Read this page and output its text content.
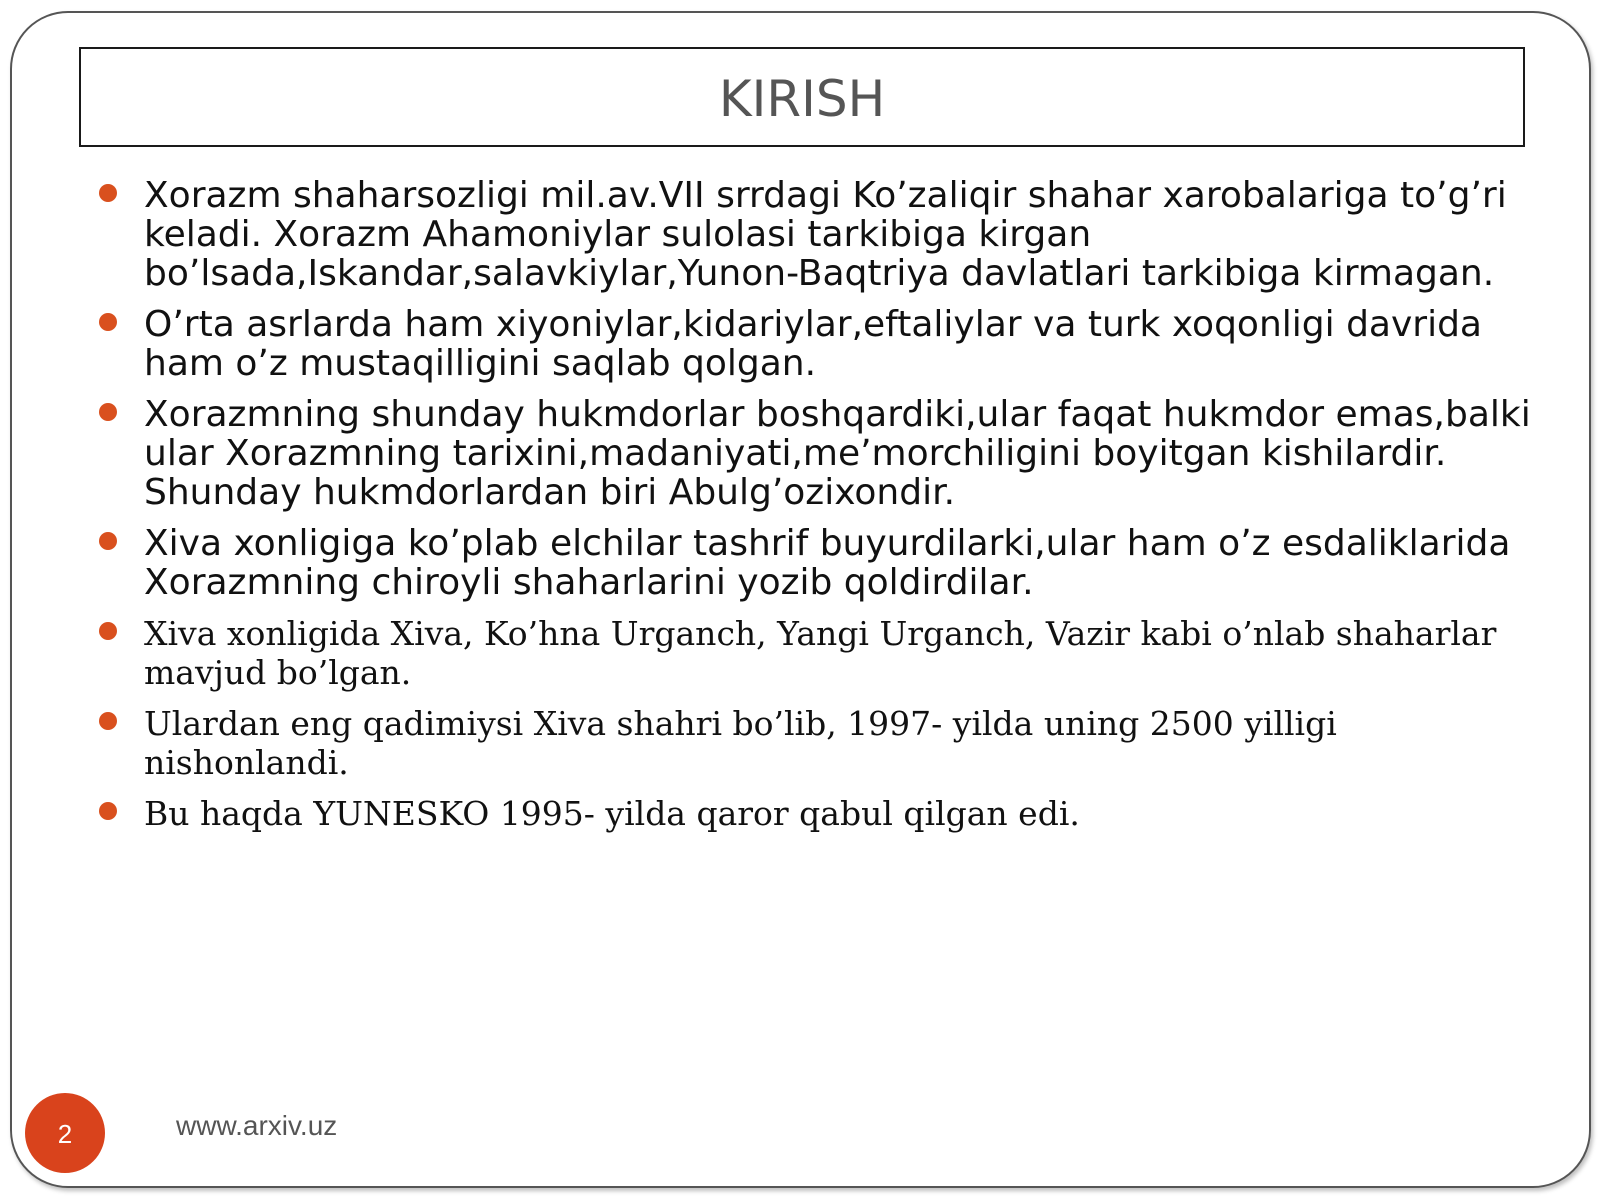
KIRISH
Xorazm shaharsozligi mil.av.VII srrdagi Ko’zaliqir shahar xarobalariga to’g’ri keladi. Xorazm Ahamoniylar sulolasi tarkibiga kirgan bo’lsada,Iskandar,salavkiylar,Yunon-Baqtriya davlatlari tarkibiga kirmagan.
O’rta asrlarda ham xiyoniylar,kidariylar,eftaliylar va turk xoqonligi davrida ham o’z mustaqilligini saqlab qolgan.
Xorazmning shunday hukmdorlar boshqardiki,ular faqat hukmdor emas,balki ular Xorazmning tarixini,madaniyati,me’morchiligini boyitgan kishilardir. Shunday hukmdorlardan biri Abulg’ozixondir.
Xiva xonligiga ko’plab elchilar tashrif buyurdilarki,ular ham o’z esdaliklarida Xorazmning chiroyli shaharlarini yozib qoldirdilar.
Xiva xonligida Xiva, Ko’hna Urganch, Yangi Urganch, Vazir kabi o’nlab shaharlar mavjud bo’lgan.
Ulardan eng qadimiysi Xiva shahri bo’lib, 1997- yilda uning 2500 yilligi nishonlandi.
Bu haqda YUNESKO 1995- yilda qaror qabul qilgan edi.
2	www.arxiv.uz
